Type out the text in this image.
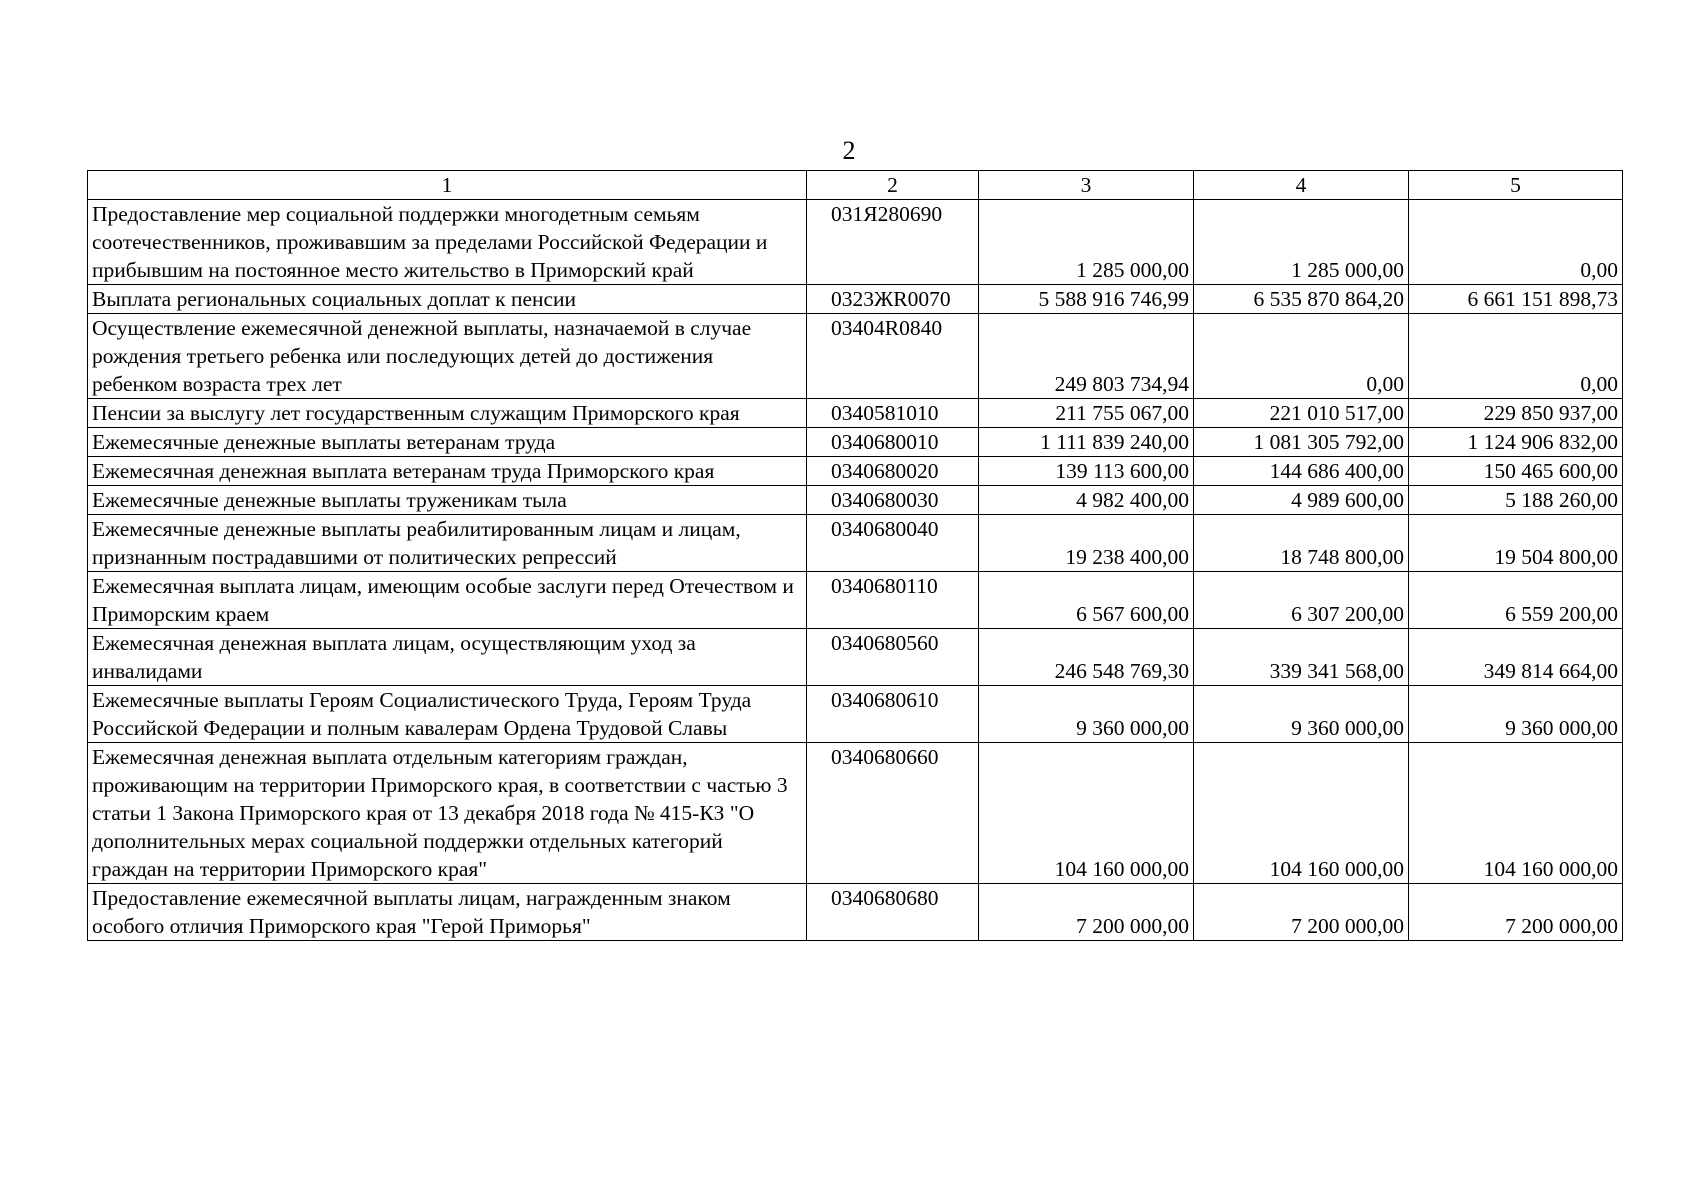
2
1	2	3	4	5
Предоставление мер социальной поддержки многодетным семьям соотечественников, проживавшим за пределами Российской Федерации и прибывшим на постоянное место жительство в Приморский край	031Я280690	1 285 000,00	1 285 000,00	0,00
Выплата региональных социальных доплат к пенсии	0323ЖR0070	5 588 916 746,99	6 535 870 864,20	6 661 151 898,73
Осуществление ежемесячной денежной выплаты, назначаемой в случае рождения третьего ребенка или последующих детей до достижения ребенком возраста трех лет	03404R0840	249 803 734,94	0,00	0,00
Пенсии за выслугу лет государственным служащим Приморского края	0340581010	211 755 067,00	221 010 517,00	229 850 937,00
Ежемесячные денежные выплаты ветеранам труда	0340680010	1 111 839 240,00	1 081 305 792,00	1 124 906 832,00
Ежемесячная денежная выплата ветеранам труда Приморского края	0340680020	139 113 600,00	144 686 400,00	150 465 600,00
Ежемесячные денежные выплаты труженикам тыла	0340680030	4 982 400,00	4 989 600,00	5 188 260,00
Ежемесячные денежные выплаты реабилитированным лицам и лицам, признанным пострадавшими от политических репрессий	0340680040	19 238 400,00	18 748 800,00	19 504 800,00
Ежемесячная выплата лицам, имеющим особые заслуги перед Отечеством и Приморским краем	0340680110	6 567 600,00	6 307 200,00	6 559 200,00
Ежемесячная денежная выплата лицам, осуществляющим уход за инвалидами	0340680560	246 548 769,30	339 341 568,00	349 814 664,00
Ежемесячные выплаты Героям Социалистического Труда, Героям Труда Российской Федерации и полным кавалерам Ордена Трудовой Славы	0340680610	9 360 000,00	9 360 000,00	9 360 000,00
Ежемесячная денежная выплата отдельным категориям граждан, проживающим на территории Приморского края, в соответствии с частью 3 статьи 1 Закона Приморского края от 13 декабря 2018 года № 415-КЗ "О дополнительных мерах социальной поддержки отдельных категорий граждан на территории Приморского края"	0340680660	104 160 000,00	104 160 000,00	104 160 000,00
Предоставление ежемесячной выплаты лицам, награжденным знаком особого отличия Приморского края "Герой Приморья"	0340680680	7 200 000,00	7 200 000,00	7 200 000,00
